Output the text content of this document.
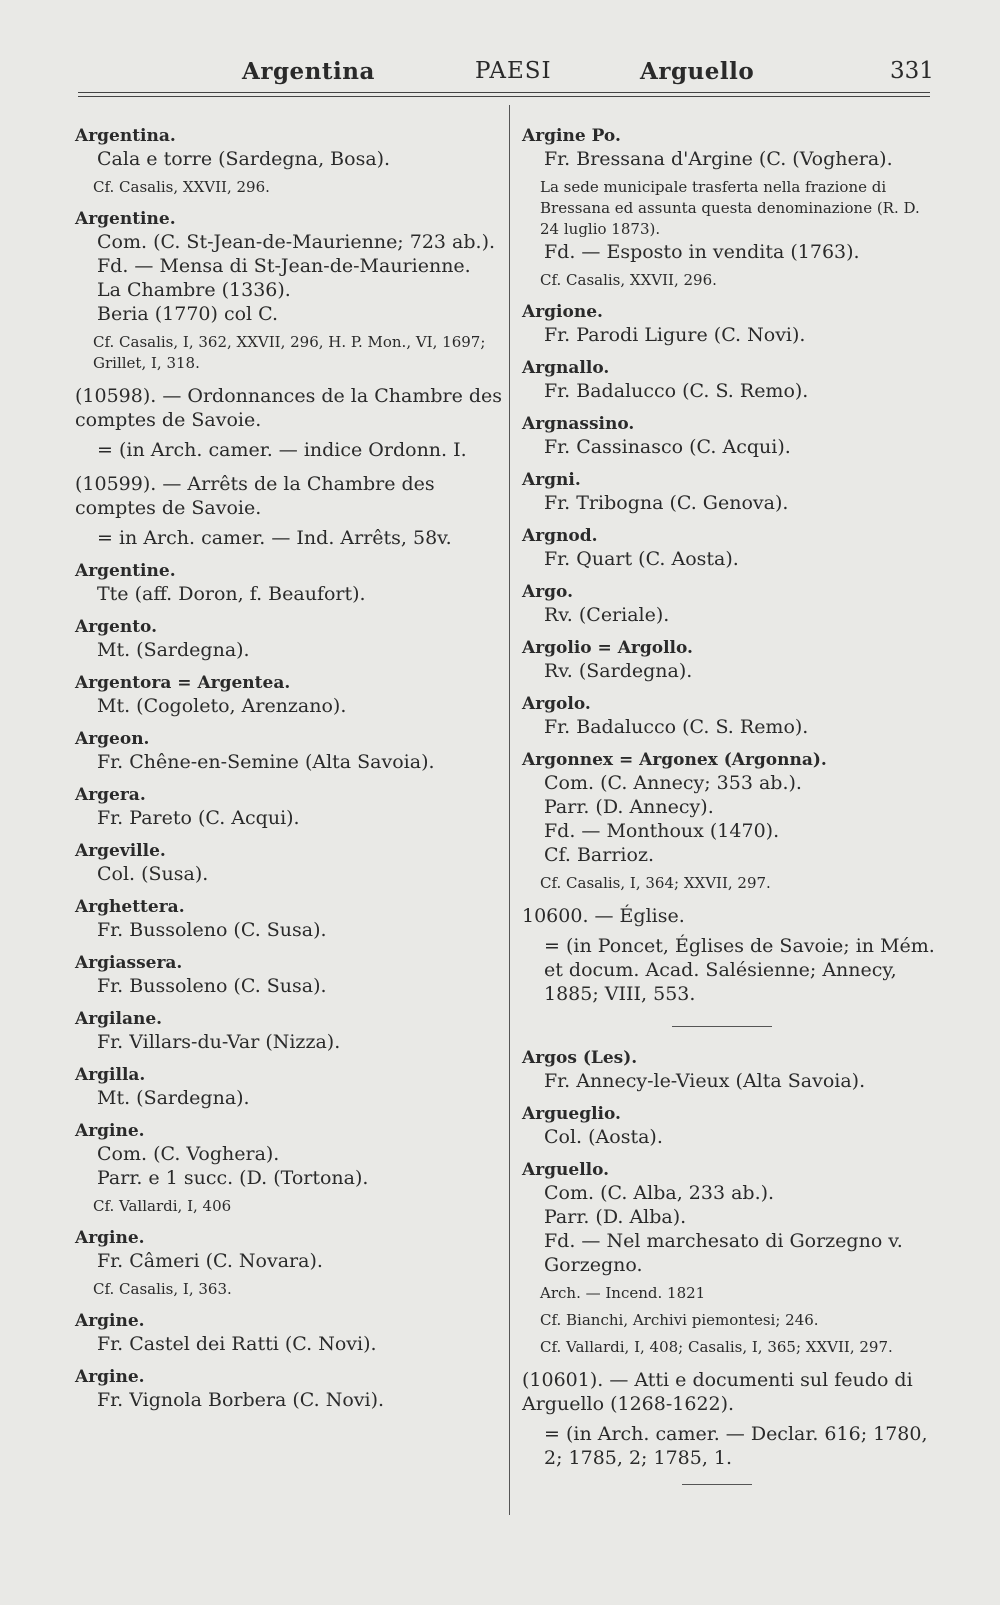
Argentina	PAESI	Arguello	331
Argentina.
Cala e torre (Sardegna, Bosa).
Cf. Casalis, XXVII, 296.
Argentine.
Com. (C. St-Jean-de-Maurienne; 723 ab.).
Fd. — Mensa di St-Jean-de-Maurienne.
La Chambre (1336).
Beria (1770) col C.
Cf. Casalis, I, 362, XXVII, 296, H. P. Mon., VI, 1697; Grillet, I, 318.
(10598). — Ordonnances de la Chambre des comptes de Savoie.
= (in Arch. camer. — indice Ordonn. I.
(10599). — Arrêts de la Chambre des comptes de Savoie.
= in Arch. camer. — Ind. Arrêts, 58v.
Argentine.
Tte (aff. Doron, f. Beaufort).
Argento.
Mt. (Sardegna).
Argentora = Argentea.
Mt. (Cogoleto, Arenzano).
Argeon.
Fr. Chêne-en-Semine (Alta Savoia).
Argera.
Fr. Pareto (C. Acqui).
Argeville.
Col. (Susa).
Arghettera.
Fr. Bussoleno (C. Susa).
Argiassera.
Fr. Bussoleno (C. Susa).
Argilane.
Fr. Villars-du-Var (Nizza).
Argilla.
Mt. (Sardegna).
Argine.
Com. (C. Voghera).
Parr. e 1 succ. (D. (Tortona).
Cf. Vallardi, I, 406
Argine.
Fr. Câmeri (C. Novara).
Cf. Casalis, I, 363.
Argine.
Fr. Castel dei Ratti (C. Novi).
Argine.
Fr. Vignola Borbera (C. Novi).
Argine Po.
Fr. Bressana d'Argine (C. (Voghera).
La sede municipale trasferta nella frazione di Bressana ed assunta questa denominazione (R. D. 24 luglio 1873).
Fd. — Esposto in vendita (1763).
Cf. Casalis, XXVII, 296.
Argione.
Fr. Parodi Ligure (C. Novi).
Argnallo.
Fr. Badalucco (C. S. Remo).
Argnassino.
Fr. Cassinasco (C. Acqui).
Argni.
Fr. Tribogna (C. Genova).
Argnod.
Fr. Quart (C. Aosta).
Argo.
Rv. (Ceriale).
Argolio = Argollo.
Rv. (Sardegna).
Argolo.
Fr. Badalucco (C. S. Remo).
Argonnex = Argonex (Argonna).
Com. (C. Annecy; 353 ab.).
Parr. (D. Annecy).
Fd. — Monthoux (1470).
Cf. Barrioz.
Cf. Casalis, I, 364; XXVII, 297.
10600. — Église.
= (in Poncet, Églises de Savoie; in Mém. et docum. Acad. Salésienne; Annecy, 1885; VIII, 553.
Argos (Les).
Fr. Annecy-le-Vieux (Alta Savoia).
Argueglio.
Col. (Aosta).
Arguello.
Com. (C. Alba, 233 ab.).
Parr. (D. Alba).
Fd. — Nel marchesato di Gorzegno v. Gorzegno.
Arch. — Incend. 1821
Cf. Bianchi, Archivi piemontesi; 246.
Cf. Vallardi, I, 408; Casalis, I, 365; XXVII, 297.
(10601). — Atti e documenti sul feudo di Arguello (1268-1622).
= (in Arch. camer. — Declar. 616; 1780, 2; 1785, 2; 1785, 1.
